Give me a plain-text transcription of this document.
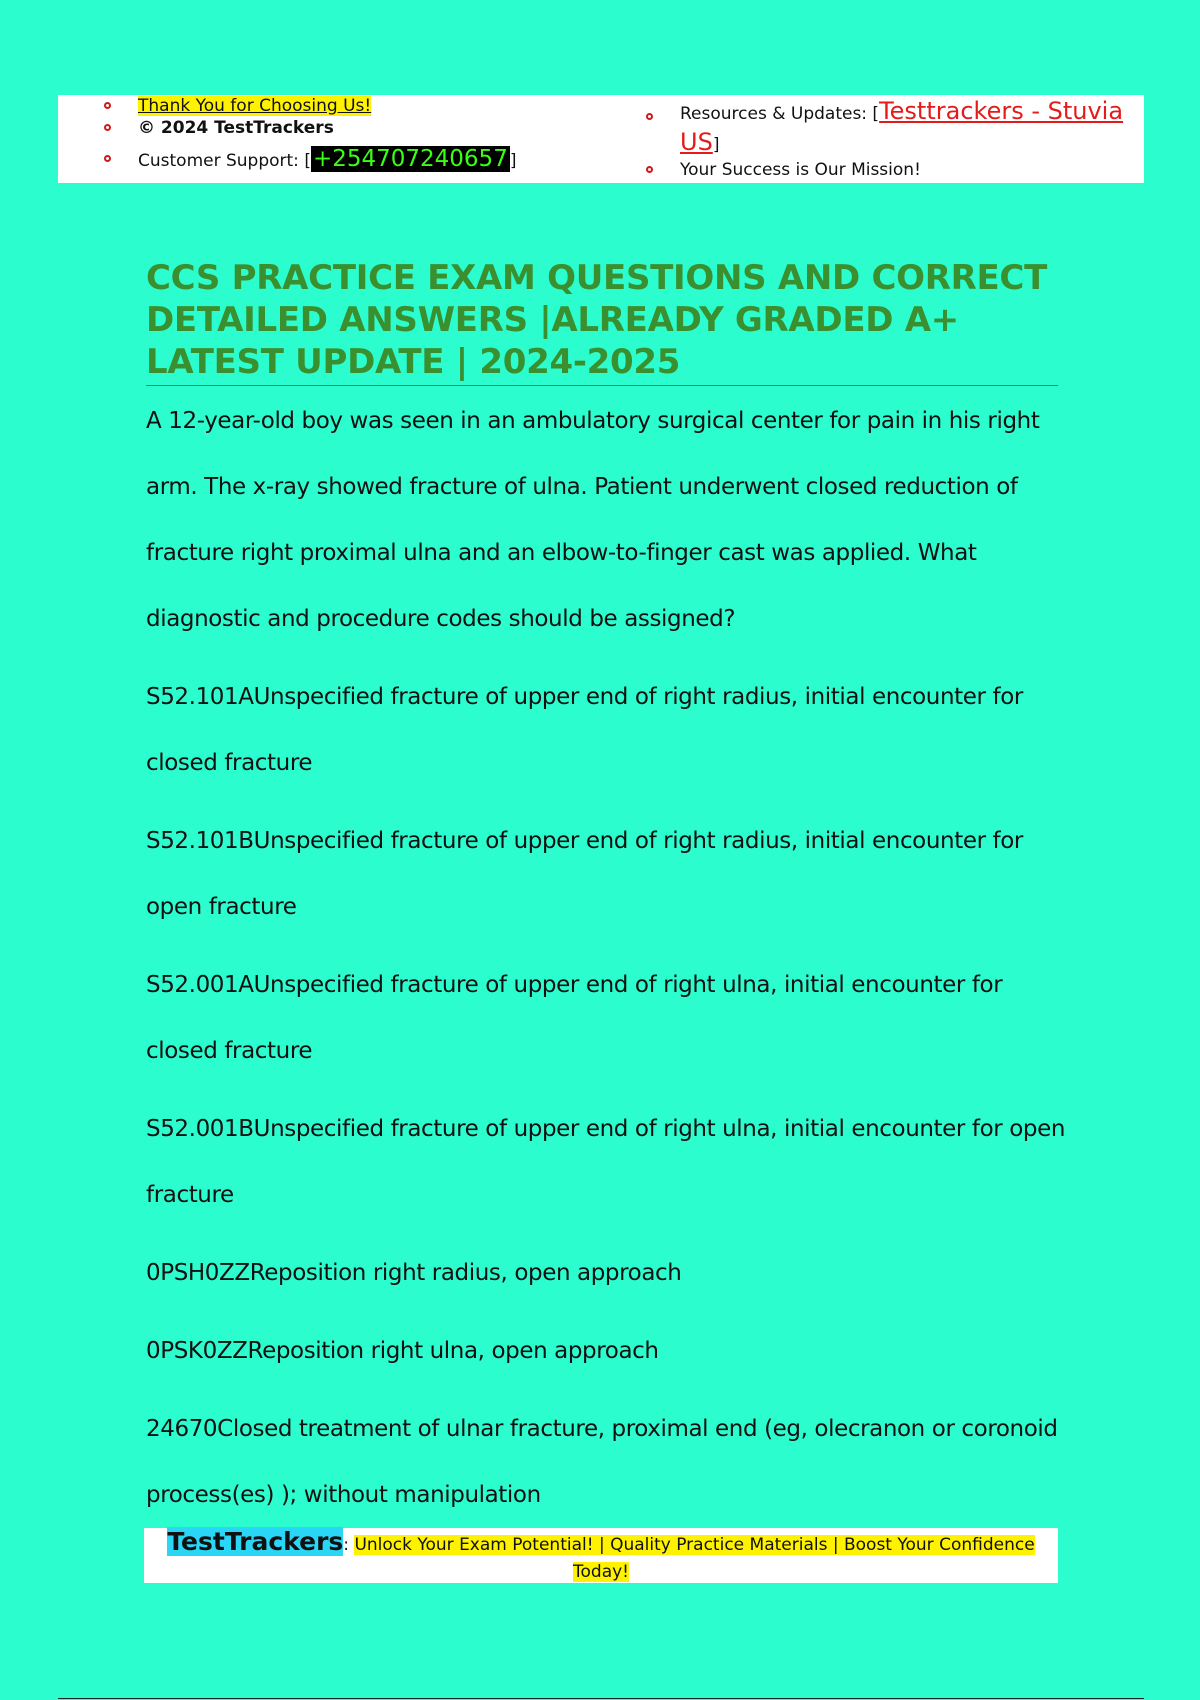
Thank You for Choosing Us!
© 2024 TestTrackers
Customer Support: [+254707240657 ]
Resources & Updates: [Testtrackers - Stuvia US]
Your Success is Our Mission!
CCS PRACTICE EXAM QUESTIONS AND CORRECT DETAILED ANSWERS |ALREADY GRADED A+ LATEST UPDATE | 2024-2025

A 12-year-old boy was seen in an ambulatory surgical center for pain in his right arm. The x-ray showed fracture of ulna. Patient underwent closed reduction of fracture right proximal ulna and an elbow-to-finger cast was applied. What diagnostic and procedure codes should be assigned?

S52.101AUnspecified fracture of upper end of right radius, initial encounter for closed fracture

S52.101BUnspecified fracture of upper end of right radius, initial encounter for open fracture

S52.001AUnspecified fracture of upper end of right ulna, initial encounter for closed fracture

S52.001BUnspecified fracture of upper end of right ulna, initial encounter for open fracture

0PSH0ZZReposition right radius, open approach

0PSK0ZZReposition right ulna, open approach

24670Closed treatment of ulnar fracture, proximal end (eg, olecranon or coronoid process(es) ); without manipulation

TestTrackers: Unlock Your Exam Potential! | Quality Practice Materials | Boost Your Confidence Today!
